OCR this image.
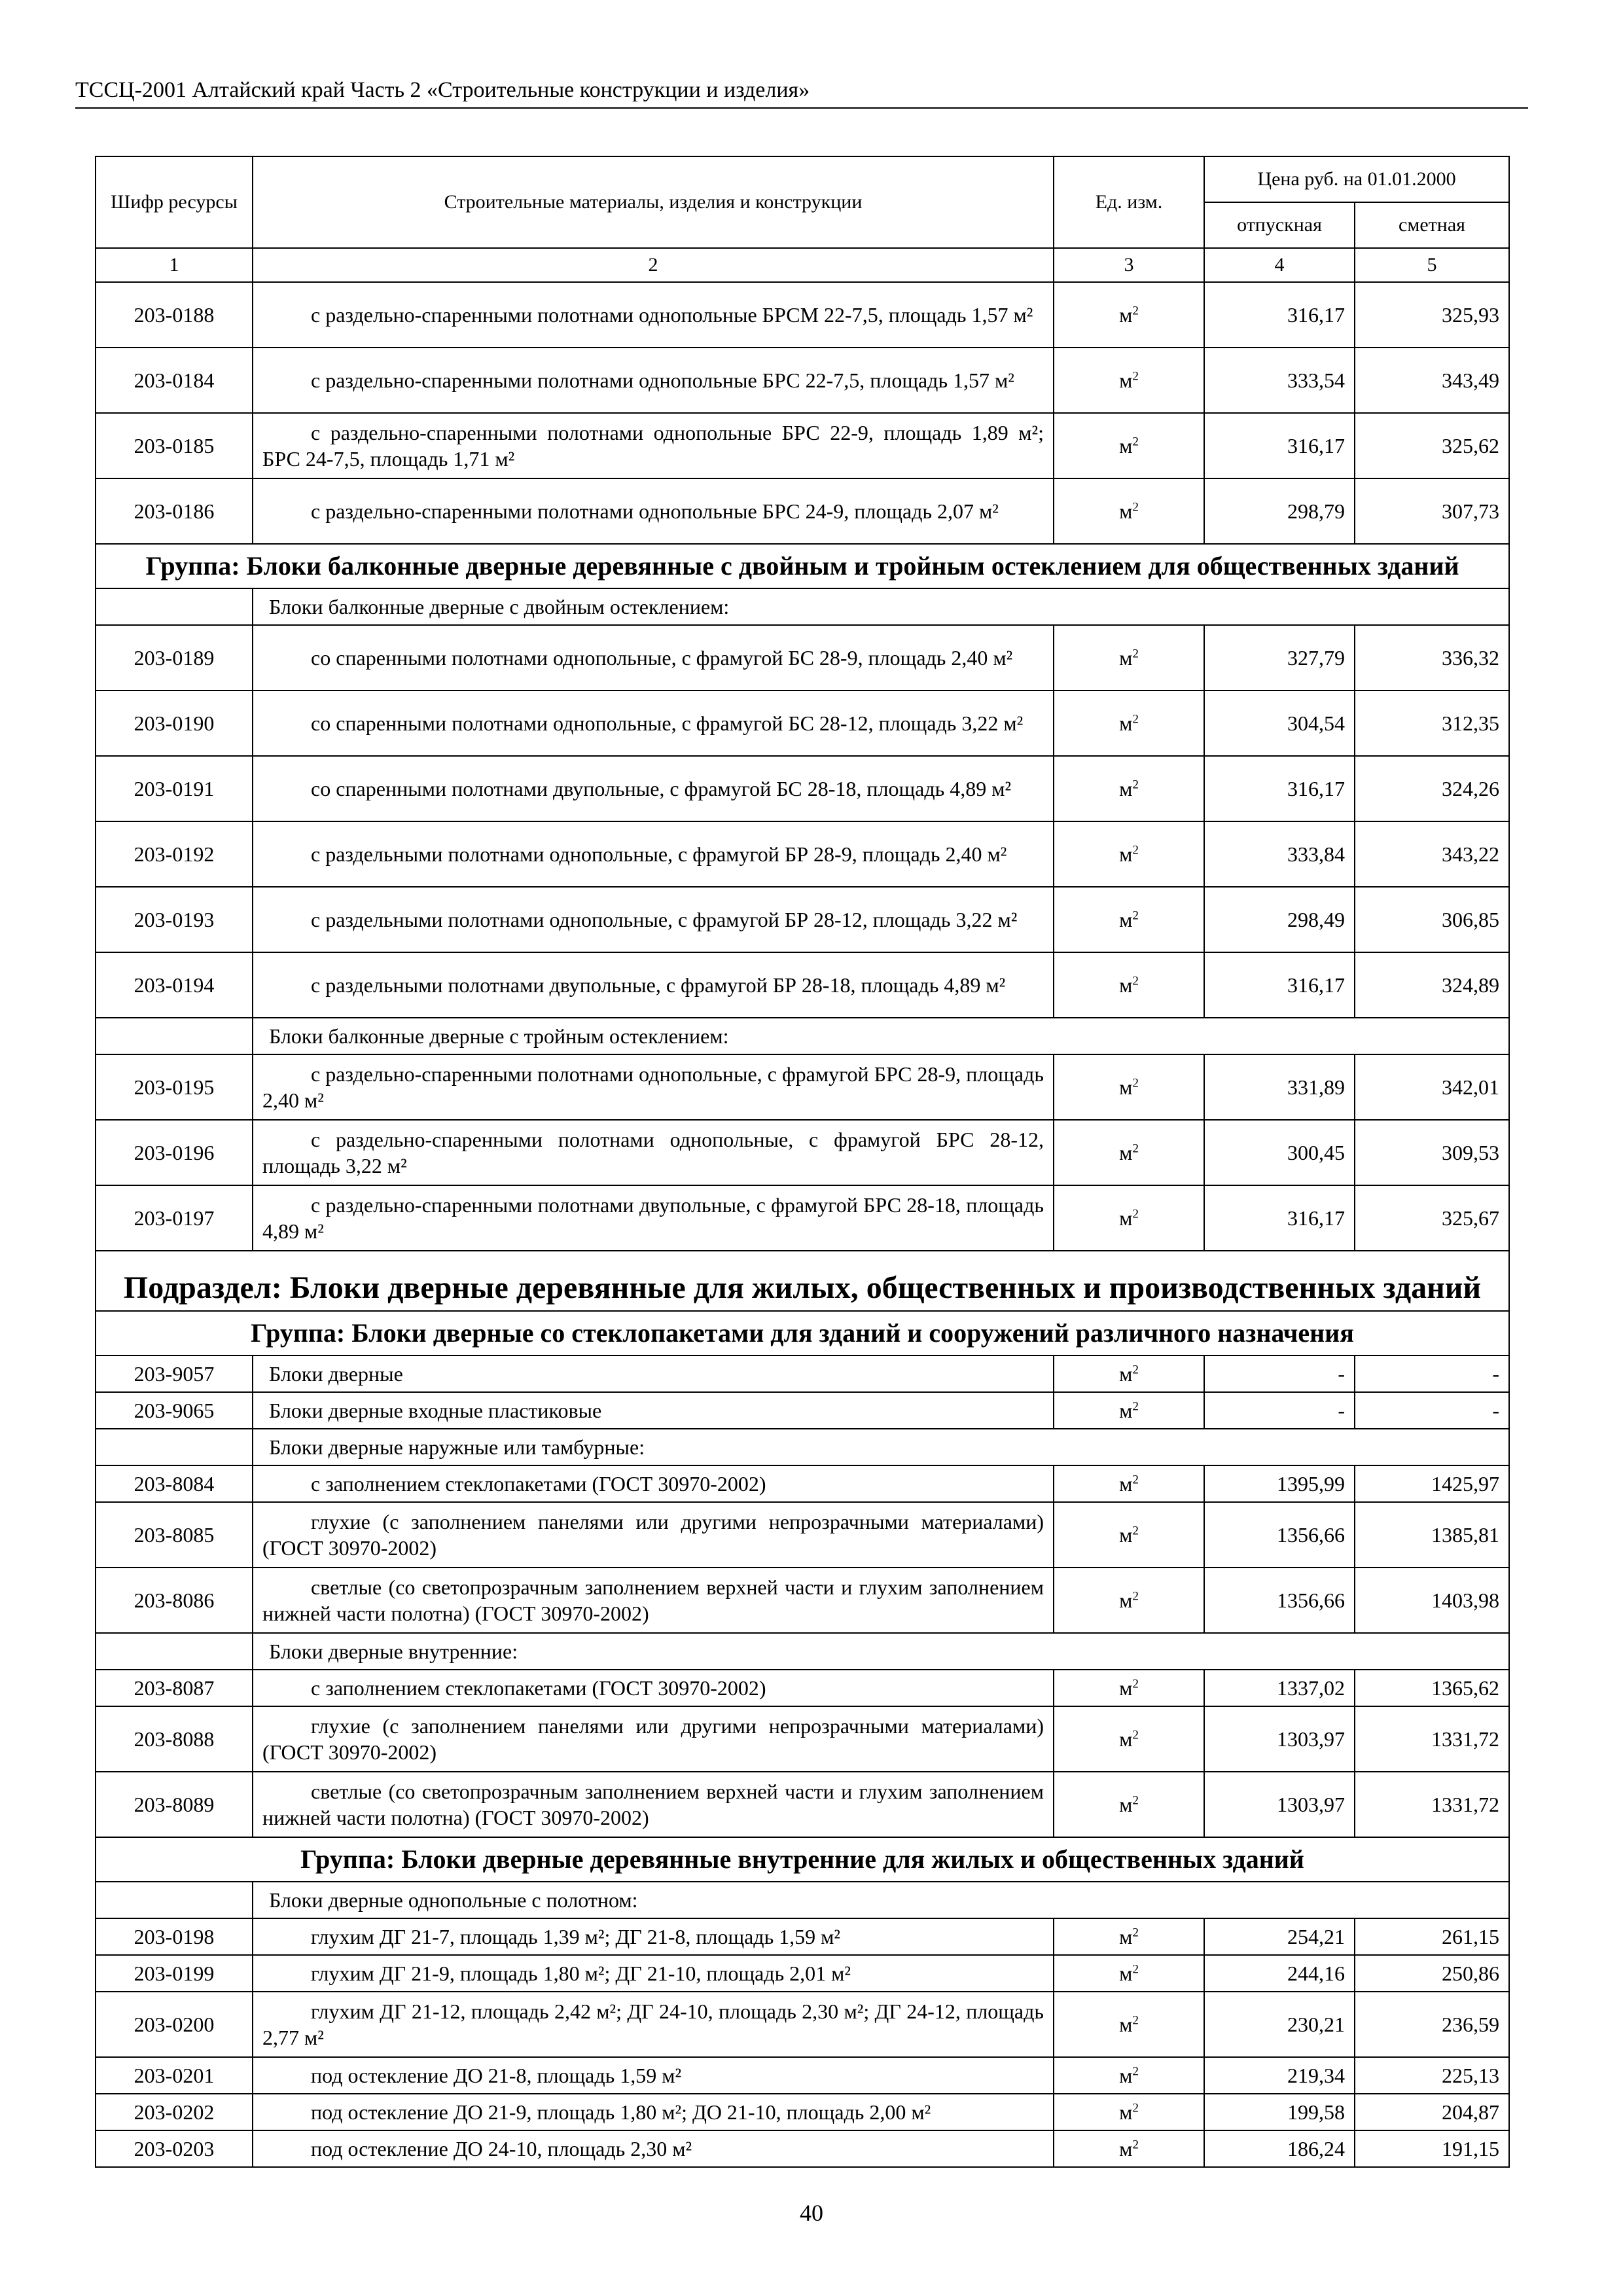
ТССЦ-2001 Алтайский край Часть 2 «Строительные конструкции и изделия»
Шифр ресурсы	Строительные материалы, изделия и конструкции	Ед. изм.	Цена руб. на 01.01.2000	
			отпускная	сметная
1	2	3	4	5
203-0188	с раздельно-спаренными полотнами однопольные БРСМ 22-7,5, площадь 1,57 м²	$м^2$	316,17	325,93
203-0184	с раздельно-спаренными полотнами однопольные БРС 22-7,5, площадь 1,57 м²	$м^2$	333,54	343,49
203-0185	с раздельно-спаренными полотнами однопольные БРС 22-9, площадь 1,89 м²; БРС 24-7,5, площадь 1,71 м²	$м^2$	316,17	325,62
203-0186	с раздельно-спаренными полотнами однопольные БРС 24-9, площадь 2,07 м²	$м^2$	298,79	307,73
Группа: Блоки балконные дверные деревянные с двойным и тройным остеклением для общественных зданий				
	Блоки балконные дверные с двойным остеклением:			
203-0189	со спаренными полотнами однопольные, с фрамугой БС 28-9, площадь 2,40 м²	$м^2$	327,79	336,32
203-0190	со спаренными полотнами однопольные, с фрамугой БС 28-12, площадь 3,22 м²	$м^2$	304,54	312,35
203-0191	со спаренными полотнами двупольные, с фрамугой БС 28-18, площадь 4,89 м²	$м^2$	316,17	324,26
203-0192	с раздельными полотнами однопольные, с фрамугой БР 28-9, площадь 2,40 м²	$м^2$	333,84	343,22
203-0193	с раздельными полотнами однопольные, с фрамугой БР 28-12, площадь 3,22 м²	$м^2$	298,49	306,85
203-0194	с раздельными полотнами двупольные, с фрамугой БР 28-18, площадь 4,89 м²	$м^2$	316,17	324,89
	Блоки балконные дверные с тройным остеклением:			
203-0195	с раздельно-спаренными полотнами однопольные, с фрамугой БРС 28-9, площадь 2,40 м²	$м^2$	331,89	342,01
203-0196	с раздельно-спаренными полотнами однопольные, с фрамугой БРС 28-12, площадь 3,22 м²	$м^2$	300,45	309,53
203-0197	с раздельно-спаренными полотнами двупольные, с фрамугой БРС 28-18, площадь 4,89 м²	$м^2$	316,17	325,67
Подраздел: Блоки дверные деревянные для жилых, общественных и производственных зданий				
Группа: Блоки дверные со стеклопакетами для зданий и сооружений различного назначения				
203-9057	Блоки дверные	$м^2$	-	-
203-9065	Блоки дверные входные пластиковые	$м^2$	-	-
	Блоки дверные наружные или тамбурные:			
203-8084	с заполнением стеклопакетами (ГОСТ 30970-2002)	$м^2$	1395,99	1425,97
203-8085	глухие (с заполнением панелями или другими непрозрачными материалами) (ГОСТ 30970-2002)	$м^2$	1356,66	1385,81
203-8086	светлые (со светопрозрачным заполнением верхней части и глухим заполнением нижней части полотна) (ГОСТ 30970-2002)	$м^2$	1356,66	1403,98
	Блоки дверные внутренние:			
203-8087	с заполнением стеклопакетами (ГОСТ 30970-2002)	$м^2$	1337,02	1365,62
203-8088	глухие (с заполнением панелями или другими непрозрачными материалами) (ГОСТ 30970-2002)	$м^2$	1303,97	1331,72
203-8089	светлые (со светопрозрачным заполнением верхней части и глухим заполнением нижней части полотна) (ГОСТ 30970-2002)	$м^2$	1303,97	1331,72
Группа: Блоки дверные деревянные внутренние для жилых и общественных зданий				
	Блоки дверные однопольные с полотном:			
203-0198	глухим ДГ 21-7, площадь 1,39 м²; ДГ 21-8, площадь 1,59 м²	$м^2$	254,21	261,15
203-0199	глухим ДГ 21-9, площадь 1,80 м²; ДГ 21-10, площадь 2,01 м²	$м^2$	244,16	250,86
203-0200	глухим ДГ 21-12, площадь 2,42 м²; ДГ 24-10, площадь 2,30 м²; ДГ 24-12, площадь 2,77 м²	$м^2$	230,21	236,59
203-0201	под остекление ДО 21-8, площадь 1,59 м²	$м^2$	219,34	225,13
203-0202	под остекление ДО 21-9, площадь 1,80 м²; ДО 21-10, площадь 2,00 м²	$м^2$	199,58	204,87
203-0203	под остекление ДО 24-10, площадь 2,30 м²	$м^2$	186,24	191,15
40
